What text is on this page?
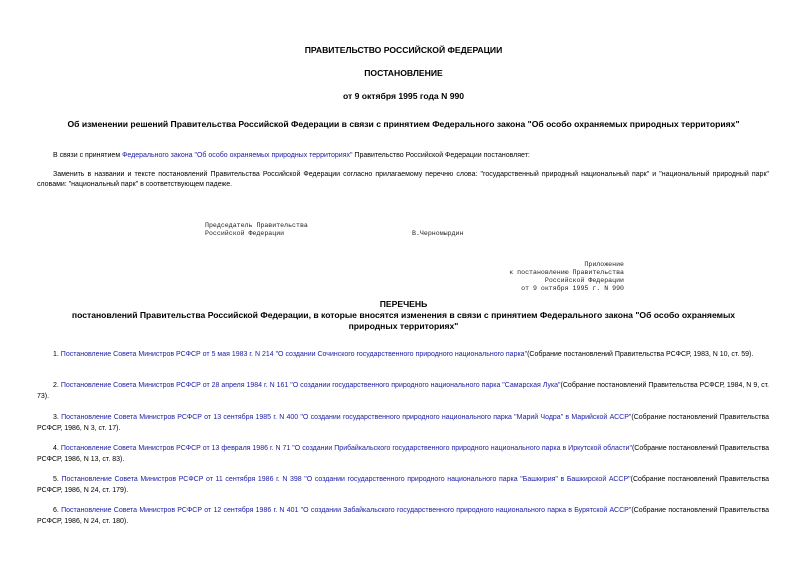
ПРАВИТЕЛЬСТВО РОССИЙСКОЙ ФЕДЕРАЦИИ
ПОСТАНОВЛЕНИЕ
от 9 октября 1995 года N 990
Об изменении решений Правительства Российской Федерации в связи с принятием Федерального закона "Об особо охраняемых природных территориях"
В связи с принятием Федерального закона "Об особо охраняемых природных территориях" Правительство Российской Федерации постановляет:
Заменить в названии и тексте постановлений Правительства Российской Федерации согласно прилагаемому перечню слова: "государственный природный национальный парк" и "национальный природный парк" словами: "национальный парк" в соответствующем падеже.
Председатель Правительства
Российской Федерации	В.Черномырдин
Приложение
к постановлению Правительства
Российской Федерации
от 9 октября 1995 г. N 990
ПЕРЕЧЕНЬ
постановлений Правительства Российской Федерации, в которые вносятся изменения в связи с принятием Федерального закона "Об особо охраняемых природных территориях"
1. Постановление Совета Министров РСФСР от 5 мая 1983 г. N 214 "О создании Сочинского государственного природного национального парка"(Собрание постановлений Правительства РСФСР, 1983, N 10, ст. 59).
2. Постановление Совета Министров РСФСР от 28 апреля 1984 г. N 161 "О создании государственного природного национального парка "Самарская Лука"(Собрание постановлений Правительства РСФСР, 1984, N 9, ст. 73).
3. Постановление Совета Министров РСФСР от 13 сентября 1985 г. N 400 "О создании государственного природного национального парка "Марий Чодра" в Марийской АССР"(Собрание постановлений Правительства РСФСР, 1986, N 3, ст. 17).
4. Постановление Совета Министров РСФСР от 13 февраля 1986 г. N 71 "О создании Прибайкальского государственного природного национального парка в Иркутской области"(Собрание постановлений Правительства РСФСР, 1986, N 13, ст. 83).
5. Постановление Совета Министров РСФСР от 11 сентября 1986 г. N 398 "О создании государственного природного национального парка "Башкирия" в Башкирской АССР"(Собрание постановлений Правительства РСФСР, 1986, N 24, ст. 179).
6. Постановление Совета Министров РСФСР от 12 сентября 1986 г. N 401 "О создании Забайкальского государственного природного национального парка в Бурятской АССР"(Собрание постановлений Правительства РСФСР, 1986, N 24, ст. 180).
